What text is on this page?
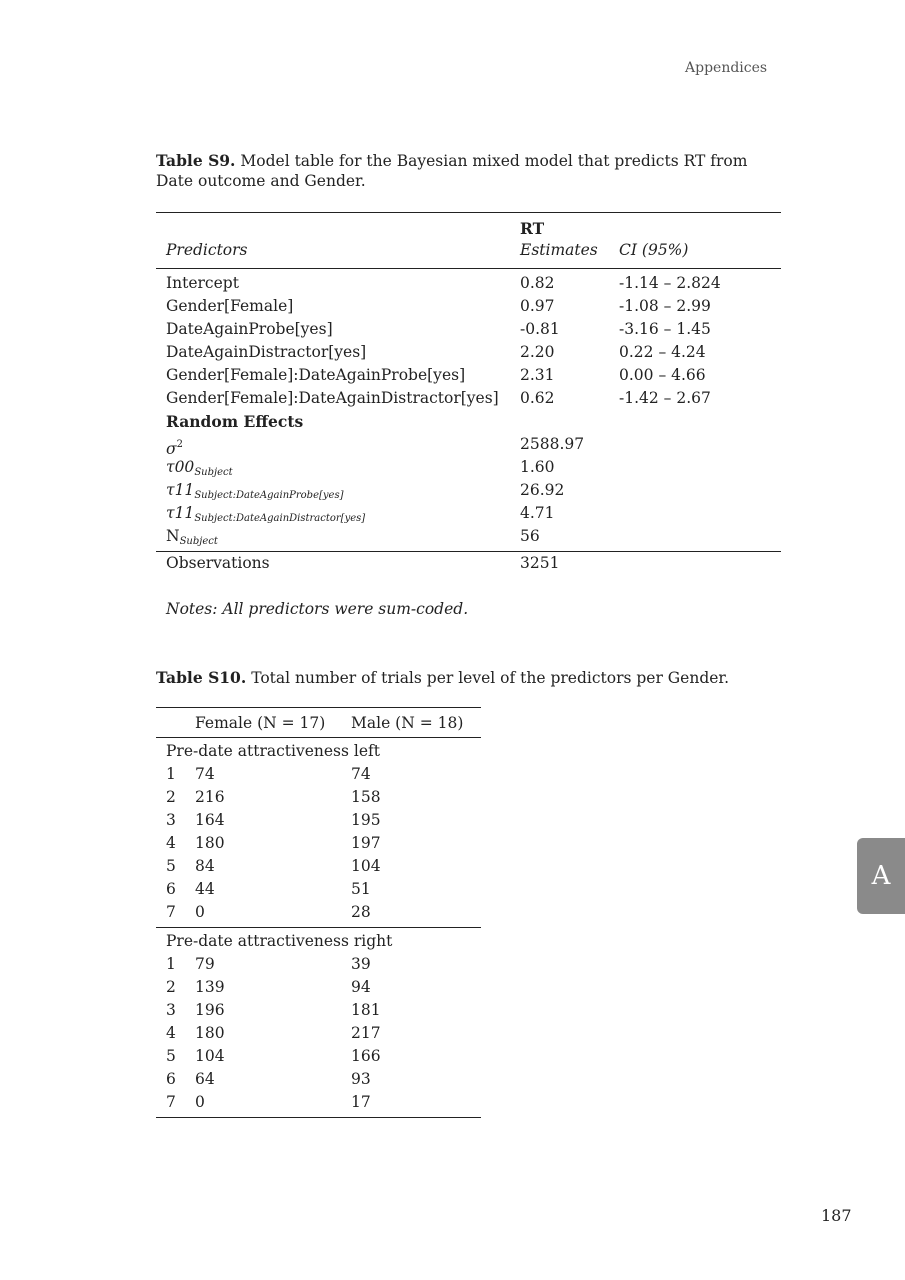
Appendices
Table S9. Model table for the Bayesian mixed model that predicts RT from Date outcome and Gender.
RT
Predictors	Estimates CI (95%)
Intercept	0.82	-1.14 – 2.824
Gender[Female]	0.97	-1.08 – 2.99
DateAgainProbe[yes]	-0.81	-3.16 – 1.45
DateAgainDistractor[yes]	2.20	0.22 – 4.24
Gender[Female]:DateAgainProbe[yes]	2.31	0.00 – 4.66
Gender[Female]:DateAgainDistractor[yes] 0.62	-1.42 – 2.67
Random Effects
$\sigma^2$	2588.97
$\tau 00_{Subject}$	1.60
$\tau 11_{Subject:DateAgainProbe[yes]}$	26.92
$\tau 11_{Subject:DateAgainDistractor[yes]}$	4.71
$N_{Subject}$	56
Observations	3251
Notes: All predictors were sum-coded.
Table S10. Total number of trials per level of the predictors per Gender.
Female (N = 17) Male (N = 18)
Pre-date attractiveness left
1 74	74
2 216	158
3 164	195
4 180	197
5 84	104
6 44	51
7 0	28
Pre-date attractiveness right
1 79	39
2 139	94
3 196	181
4 180	217
5 104	166
6 64	93
7 0	17
A
187
